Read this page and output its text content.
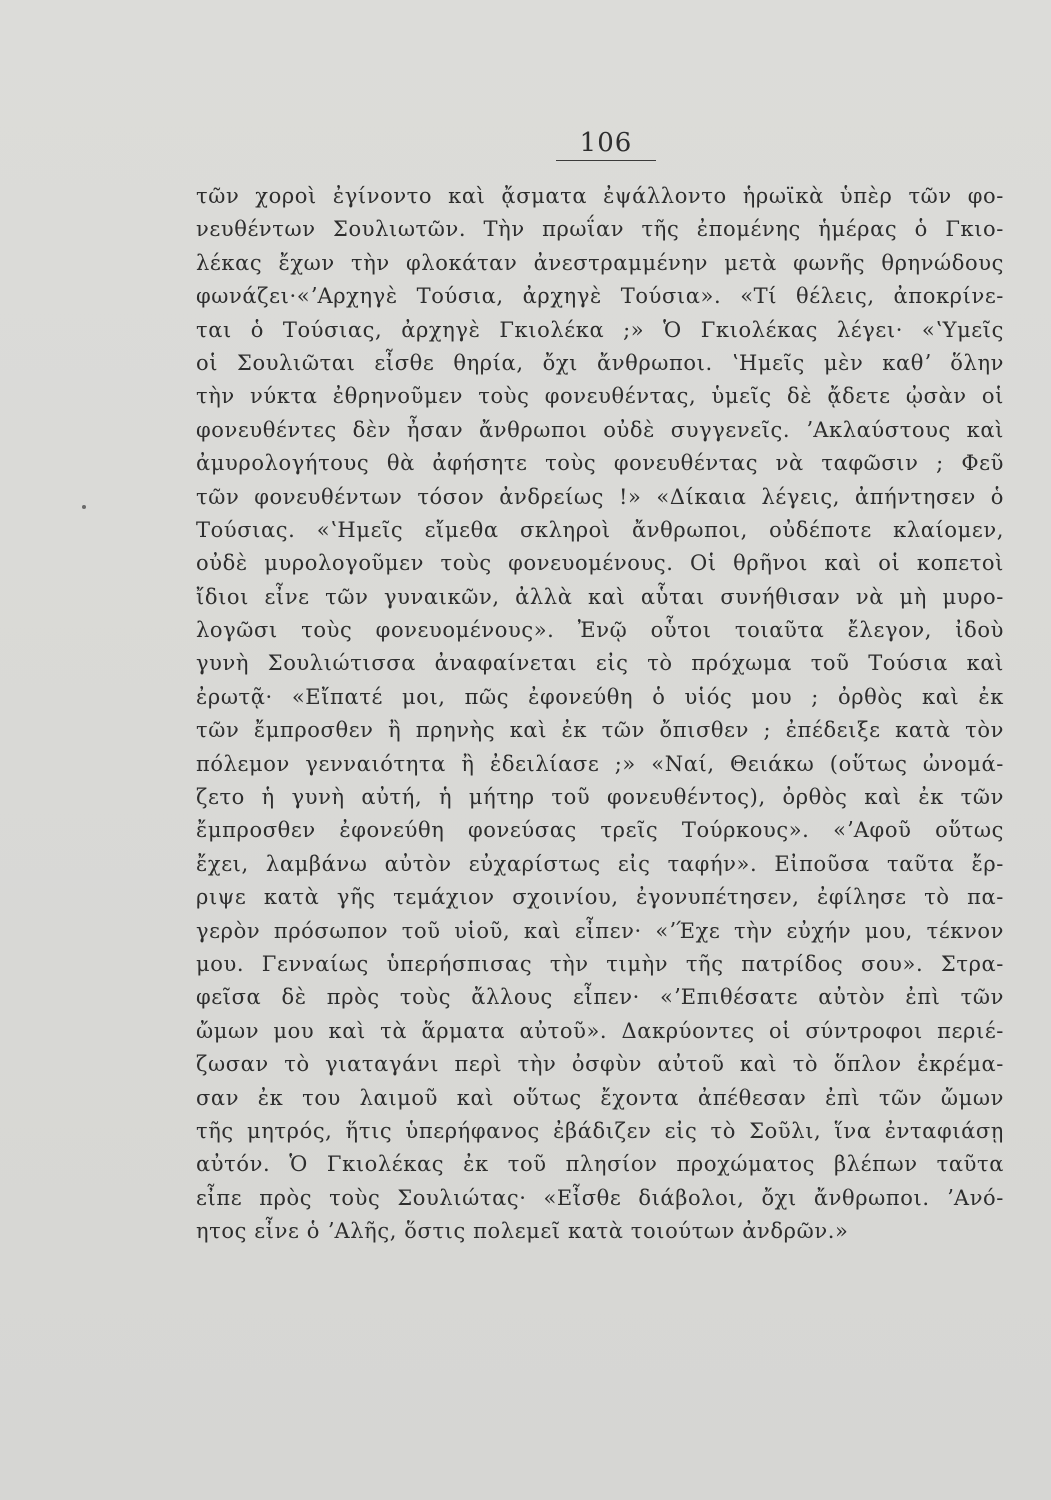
106
τῶν χοροὶ ἐγίνοντο καὶ ᾄσματα ἐψάλλοντο ἡρωϊκὰ ὑπὲρ τῶν φο-
νευθέντων Σουλιωτῶν. Τὴν πρωΐαν τῆς ἐπομένης ἡμέρας ὁ Γκιο-
λέκας ἔχων τὴν φλοκάταν ἀνεστραμμένην μετὰ φωνῆς θρηνώδους
φωνάζει·«ʼΑρχηγὲ Τούσια, ἀρχηγὲ Τούσια». «Τί θέλεις, ἀποκρίνε-
ται ὁ Τούσιας, ἀρχηγὲ Γκιολέκα ;» Ὁ Γκιολέκας λέγει· «ʽΥμεῖς
οἱ Σουλιῶται εἶσθε θηρία, ὄχι ἄνθρωποι. ʽΗμεῖς μὲν καθʼ ὅλην
τὴν νύκτα ἐθρηνοῦμεν τοὺς φονευθέντας, ὑμεῖς δὲ ᾄδετε ᾠσὰν οἱ
φονευθέντες δὲν ἦσαν ἄνθρωποι οὐδὲ συγγενεῖς. ʼΑκλαύστους καὶ
ἀμυρολογήτους θὰ ἀφήσητε τοὺς φονευθέντας νὰ ταφῶσιν ; Φεῦ
τῶν φονευθέντων τόσον ἀνδρείως !» «Δίκαια λέγεις, ἀπήντησεν ὁ
Τούσιας. «ʽΗμεῖς εἴμεθα σκληροὶ ἄνθρωποι, οὐδέποτε κλαίομεν,
οὐδὲ μυρολογοῦμεν τοὺς φονευομένους. Οἱ θρῆνοι καὶ οἱ κοπετοὶ
ἴδιοι εἶνε τῶν γυναικῶν, ἀλλὰ καὶ αὗται συνήθισαν νὰ μὴ μυρο-
λογῶσι τοὺς φονευομένους». Ἐνῷ οὗτοι τοιαῦτα ἔλεγον, ἰδοὺ
γυνὴ Σουλιώτισσα ἀναφαίνεται εἰς τὸ πρόχωμα τοῦ Τούσια καὶ
ἐρωτᾷ· «Εἴπατέ μοι, πῶς ἐφονεύθη ὁ υἱός μου ; ὀρθὸς καὶ ἐκ
τῶν ἔμπροσθεν ἢ πρηνὴς καὶ ἐκ τῶν ὄπισθεν ; ἐπέδειξε κατὰ τὸν
πόλεμον γενναιότητα ἢ ἐδειλίασε ;» «Ναί, Θειάκω (οὕτως ὠνομά-
ζετο ἡ γυνὴ αὐτή, ἡ μήτηρ τοῦ φονευθέντος), ὀρθὸς καὶ ἐκ τῶν
ἔμπροσθεν ἐφονεύθη φονεύσας τρεῖς Τούρκους». «ʼΑφοῦ οὕτως
ἔχει, λαμβάνω αὐτὸν εὐχαρίστως εἰς ταφήν». Εἰποῦσα ταῦτα ἔρ-
ριψε κατὰ γῆς τεμάχιον σχοινίου, ἐγονυπέτησεν, ἐφίλησε τὸ πα-
γερὸν πρόσωπον τοῦ υἱοῦ, καὶ εἶπεν· «ʼΈχε τὴν εὐχήν μου, τέκνον
μου. Γενναίως ὑπερήσπισας τὴν τιμὴν τῆς πατρίδος σου». Στρα-
φεῖσα δὲ πρὸς τοὺς ἄλλους εἶπεν· «ʼΕπιθέσατε αὐτὸν ἐπὶ τῶν
ὤμων μου καὶ τὰ ἅρματα αὐτοῦ». Δακρύοντες οἱ σύντροφοι περιέ-
ζωσαν τὸ γιαταγάνι περὶ τὴν ὀσφὺν αὐτοῦ καὶ τὸ ὅπλον ἐκρέμα-
σαν ἐκ του λαιμοῦ καὶ οὕτως ἔχοντα ἀπέθεσαν ἐπὶ τῶν ὤμων
τῆς μητρός, ἥτις ὑπερήφανος ἐβάδιζεν εἰς τὸ Σοῦλι, ἵνα ἐνταφιάσῃ
αὐτόν. Ὁ Γκιολέκας ἐκ τοῦ πλησίον προχώματος βλέπων ταῦτα
εἶπε πρὸς τοὺς Σουλιώτας· «Εἶσθε διάβολοι, ὄχι ἄνθρωποι. ʼΑνό-
ητος εἶνε ὁ ʼΑλῆς, ὅστις πολεμεῖ κατὰ τοιούτων ἀνδρῶν.»
